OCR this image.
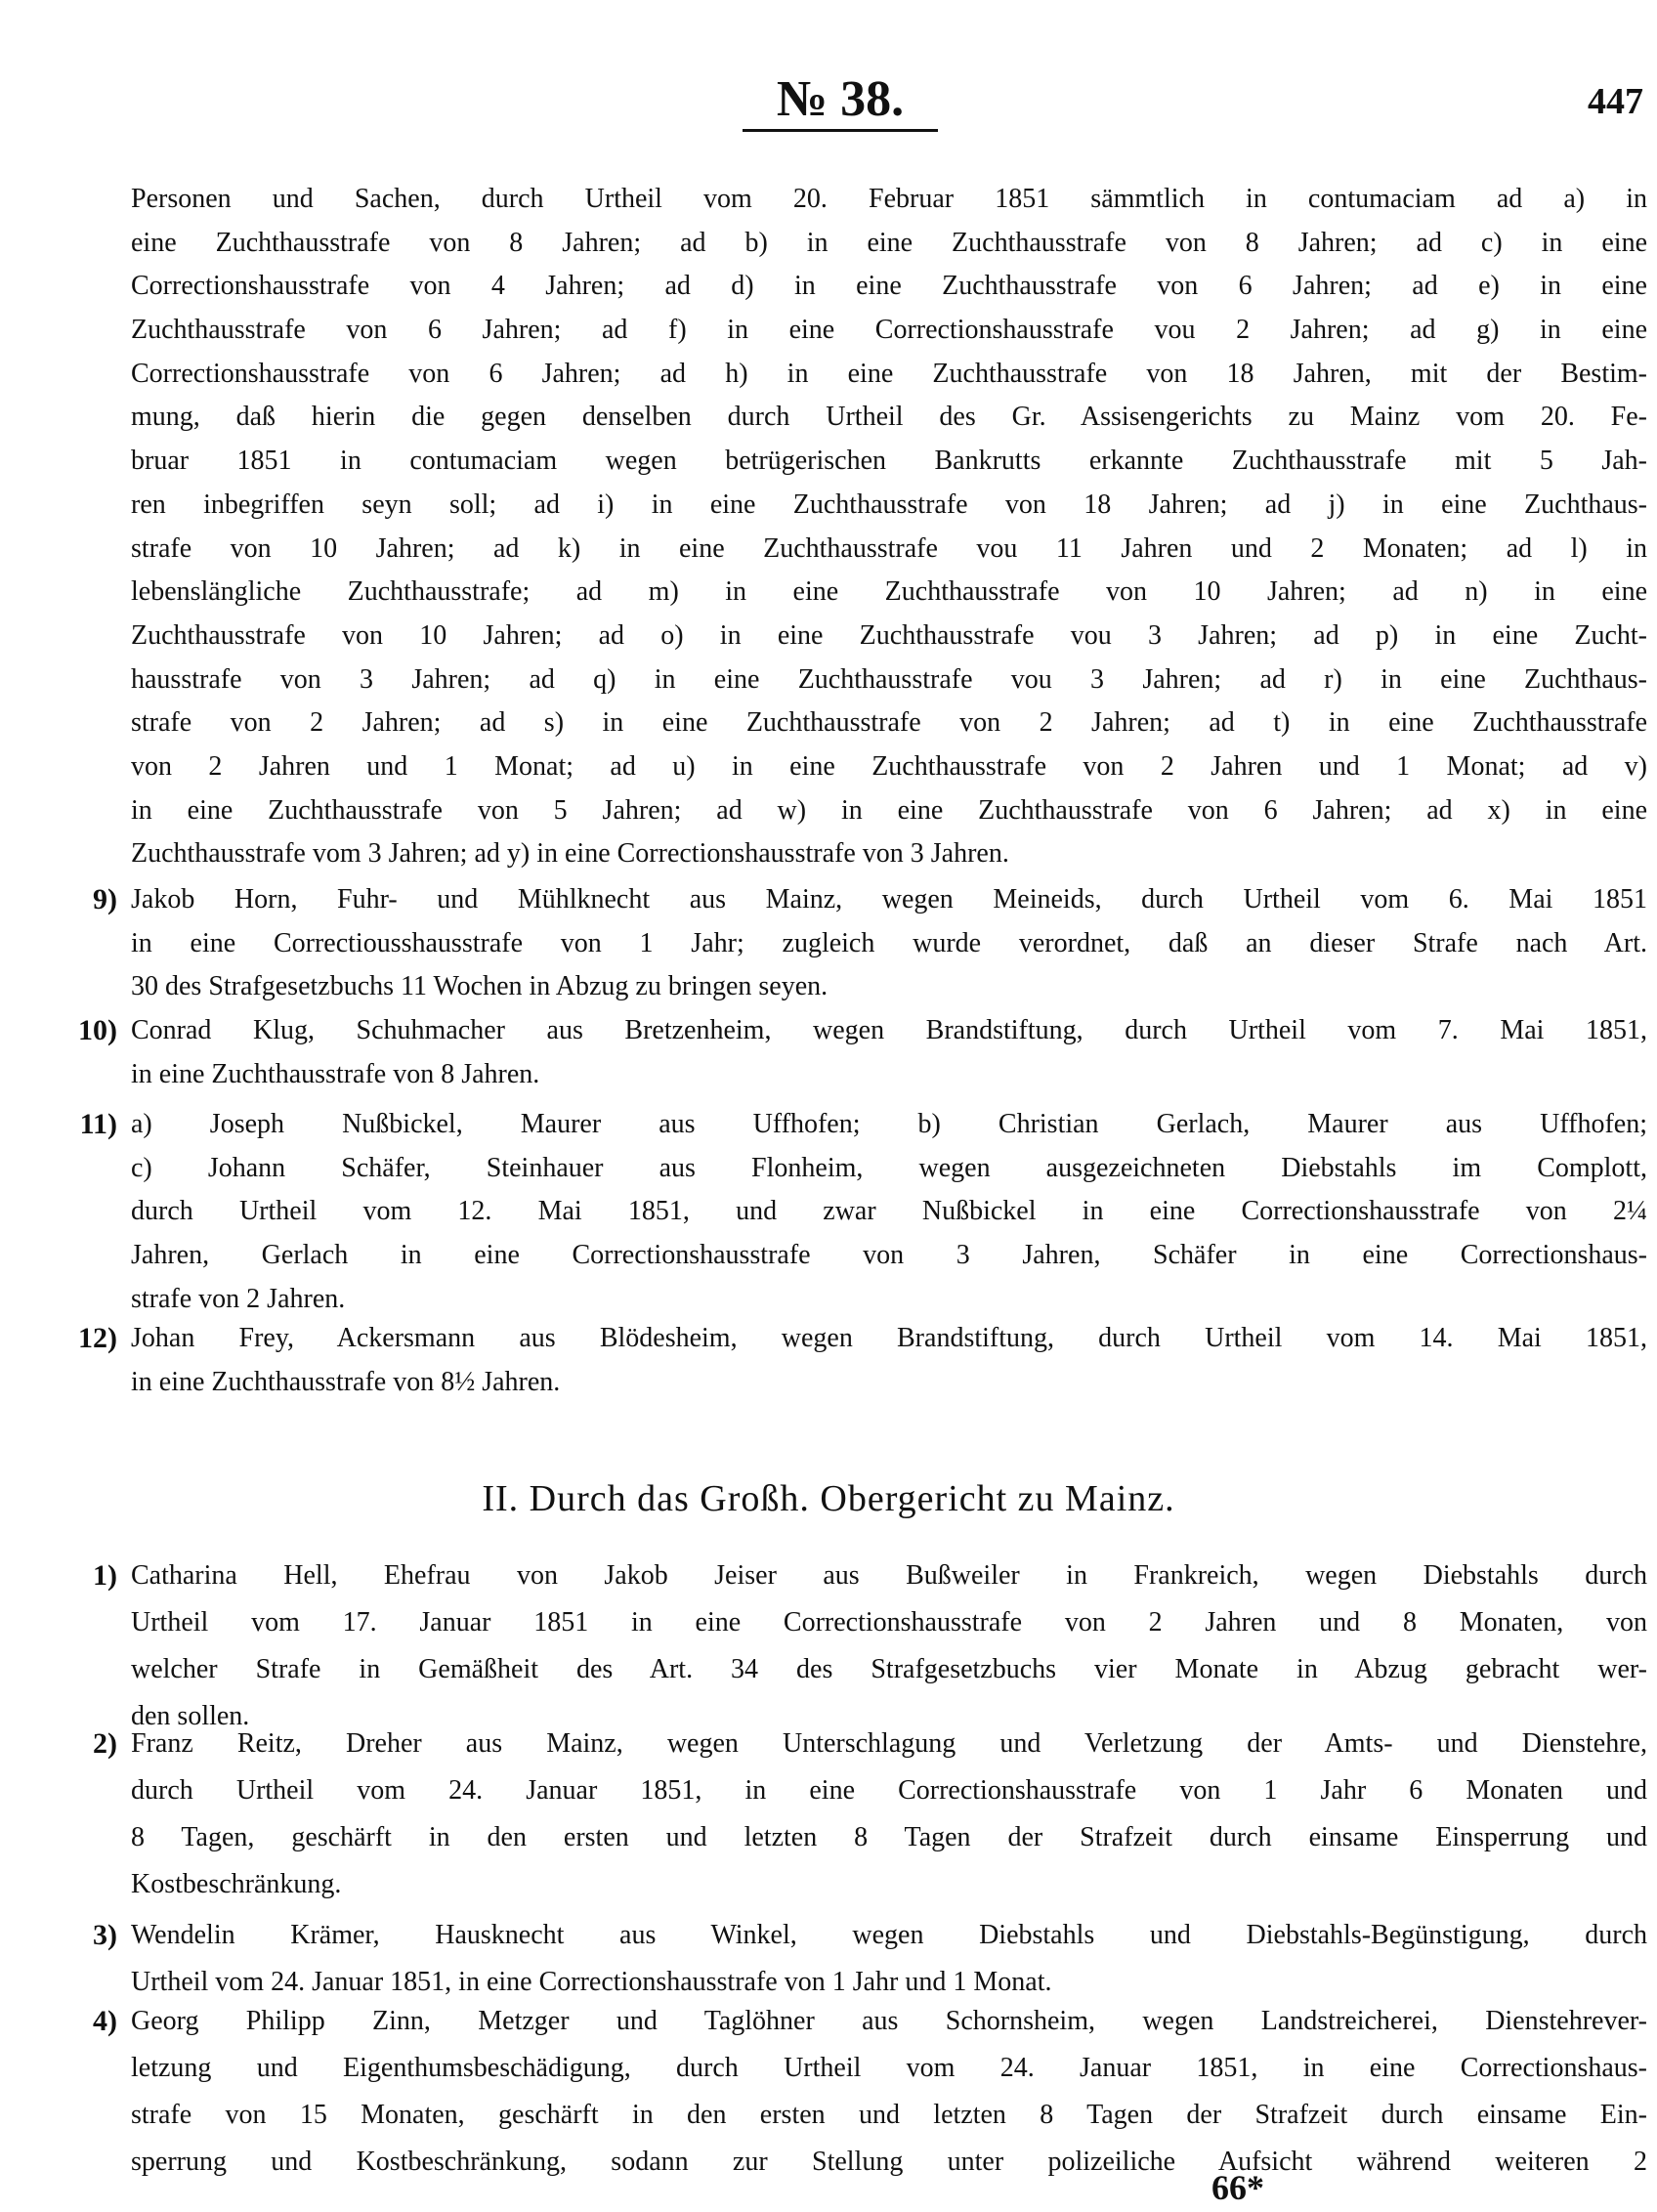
№ 38.	447
Personen und Sachen, durch Urtheil vom 20. Februar 1851 sämmtlich in contumaciam ad a) in
eine Zuchthausstrafe von 8 Jahren; ad b) in eine Zuchthausstrafe von 8 Jahren; ad c) in eine
Correctionshausstrafe von 4 Jahren; ad d) in eine Zuchthausstrafe von 6 Jahren; ad e) in eine
Zuchthausstrafe von 6 Jahren; ad f) in eine Correctionshausstrafe vou 2 Jahren; ad g) in eine
Correctionshausstrafe von 6 Jahren; ad h) in eine Zuchthausstrafe von 18 Jahren, mit der Bestim-
mung, daß hierin die gegen denselben durch Urtheil des Gr. Assisengerichts zu Mainz vom 20. Fe-
bruar 1851 in contumaciam wegen betrügerischen Bankrutts erkannte Zuchthausstrafe mit 5 Jah-
ren inbegriffen seyn soll; ad i) in eine Zuchthausstrafe von 18 Jahren; ad j) in eine Zuchthaus-
strafe von 10 Jahren; ad k) in eine Zuchthausstrafe vou 11 Jahren und 2 Monaten; ad l) in
lebenslängliche Zuchthausstrafe; ad m) in eine Zuchthausstrafe von 10 Jahren; ad n) in eine
Zuchthausstrafe von 10 Jahren; ad o) in eine Zuchthausstrafe vou 3 Jahren; ad p) in eine Zucht-
hausstrafe von 3 Jahren; ad q) in eine Zuchthausstrafe vou 3 Jahren; ad r) in eine Zuchthaus-
strafe von 2 Jahren; ad s) in eine Zuchthausstrafe von 2 Jahren; ad t) in eine Zuchthausstrafe
von 2 Jahren und 1 Monat; ad u) in eine Zuchthausstrafe von 2 Jahren und 1 Monat; ad v)
in eine Zuchthausstrafe von 5 Jahren; ad w) in eine Zuchthausstrafe von 6 Jahren; ad x) in eine
Zuchthausstrafe vom 3 Jahren; ad y) in eine Correctionshausstrafe von 3 Jahren.
9) Jakob Horn, Fuhr- und Mühlknecht aus Mainz, wegen Meineids, durch Urtheil vom 6. Mai 1851
in eine Correctiousshausstrafe von 1 Jahr; zugleich wurde verordnet, daß an dieser Strafe nach Art.
30 des Strafgesetzbuchs 11 Wochen in Abzug zu bringen seyen.
10) Conrad Klug, Schuhmacher aus Bretzenheim, wegen Brandstiftung, durch Urtheil vom 7. Mai 1851,
in eine Zuchthausstrafe von 8 Jahren.
11) a) Joseph Nußbickel, Maurer aus Uffhofen; b) Christian Gerlach, Maurer aus Uffhofen;
c) Johann Schäfer, Steinhauer aus Flonheim, wegen ausgezeichneten Diebstahls im Complott,
durch Urtheil vom 12. Mai 1851, und zwar Nußbickel in eine Correctionshausstrafe von 2¼
Jahren, Gerlach in eine Correctionshausstrafe von 3 Jahren, Schäfer in eine Correctionshaus-
strafe von 2 Jahren.
12) Johan Frey, Ackersmann aus Blödesheim, wegen Brandstiftung, durch Urtheil vom 14. Mai 1851,
in eine Zuchthausstrafe von 8½ Jahren.
II. Durch das Großh. Obergericht zu Mainz.
1) Catharina Hell, Ehefrau von Jakob Jeiser aus Bußweiler in Frankreich, wegen Diebstahls durch
Urtheil vom 17. Januar 1851 in eine Correctionshausstrafe von 2 Jahren und 8 Monaten, von
welcher Strafe in Gemäßheit des Art. 34 des Strafgesetzbuchs vier Monate in Abzug gebracht wer-
den sollen.
2) Franz Reitz, Dreher aus Mainz, wegen Unterschlagung und Verletzung der Amts- und Dienstehre,
durch Urtheil vom 24. Januar 1851, in eine Correctionshausstrafe von 1 Jahr 6 Monaten und
8 Tagen, geschärft in den ersten und letzten 8 Tagen der Strafzeit durch einsame Einsperrung und
Kostbeschränkung.
3) Wendelin Krämer, Hausknecht aus Winkel, wegen Diebstahls und Diebstahls-Begünstigung, durch
Urtheil vom 24. Januar 1851, in eine Correctionshausstrafe von 1 Jahr und 1 Monat.
4) Georg Philipp Zinn, Metzger und Taglöhner aus Schornsheim, wegen Landstreicherei, Dienstehrever-
letzung und Eigenthumsbeschädigung, durch Urtheil vom 24. Januar 1851, in eine Correctionshaus-
strafe von 15 Monaten, geschärft in den ersten und letzten 8 Tagen der Strafzeit durch einsame Ein-
sperrung und Kostbeschränkung, sodann zur Stellung unter polizeiliche Aufsicht während weiteren 2
66*
